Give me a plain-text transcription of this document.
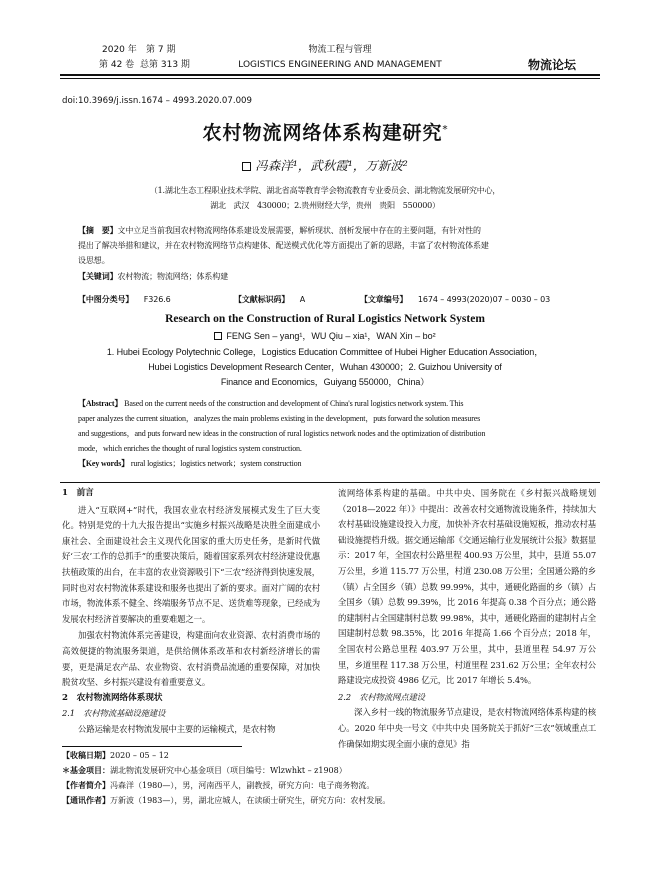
2020 年 第 7 期
第 42 卷 总第 313 期
物流工程与管理
LOGISTICS ENGINEERING AND MANAGEMENT	物流论坛
doi:10.3969/j.issn.1674 – 4993.2020.07.009
农村物流网络体系构建研究*
冯森洋¹，武秋霞¹，万新波²
（1.湖北生态工程职业技术学院、湖北省高等教育学会物流教育专业委员会、湖北物流发展研究中心，
湖北　武汉　430000；2.贵州财经大学，贵州　贵阳　550000）
【摘　要】文中立足当前我国农村物流网络体系建设发展需要，解析现状、剖析发展中存在的主要问题，有针对性的
提出了解决举措和建议，并在农村物流网络节点构建体、配送模式优化等方面提出了新的思路，丰富了农村物流体系建
设思想。
【关键词】农村物流；物流网络；体系构建
【中图分类号】 F326.6	【文献标识码】 A	【文章编号】 1674 – 4993(2020)07 – 0030 – 03
Research on the Construction of Rural Logistics Network System
FENG Sen – yang¹，WU Qiu – xia¹，WAN Xin – bo²
1. Hubei Ecology Polytechnic College，Logistics Education Committee of Hubei Higher Education Association，
Hubei Logistics Development Research Center，Wuhan 430000；2. Guizhou University of
Finance and Economics，Guiyang 550000，China）
【Abstract】 Based on the current needs of the construction and development of China's rural logistics network system. This
paper analyzes the current situation，analyzes the main problems existing in the development，puts forward the solution measures
and suggestions，and puts forward new ideas in the construction of rural logistics network nodes and the optimization of distribution
mode，which enriches the thought of rural logistics system construction.
【Key words】 rural logistics；logistics network；system construction
1　前言
进入“互联网+”时代，我国农业农村经济发展模式发生了巨大变化。特别是党的十九大报告提出“实施乡村振兴战略是决胜全面建成小康社会、全面建设社会主义现代化国家的重大历史任务，是新时代做好‘三农’工作的总抓手”的重要决策后，随着国家系列农村经济建设优惠扶植政策的出台，在丰富的农业资源吸引下“三农”经济得到快速发展，同时也对农村物流体系建设和服务也提出了新的要求。面对广阔的农村市场，物流体系不健全、终端服务节点不足、送货难等现象，已经成为发展农村经济首要解决的重要难题之一。
加强农村物流体系完善建设，构建面向农业资源、农村消费市场的高效便捷的物流服务渠道，是供给侧体系改革和农村新经济增长的需要，更是满足农产品、农业物资、农村消费品流通的重要保障，对加快脱贫攻坚、乡村振兴建设有着重要意义。
2　农村物流网络体系现状
2.1　农村物流基础设施建设
公路运输是农村物流发展中主要的运输模式，是农村物
流网络体系构建的基础。中共中央、国务院在《乡村振兴战略规划（2018—2022 年）》中提出：改善农村交通物流设施条件，持续加大农村基础设施建设投入力度，加快补齐农村基础设施短板，推动农村基础设施提档升级。据交通运输部《交通运输行业发展统计公报》数据显示：2017 年，全国农村公路里程 400.93 万公里，其中，县道 55.07 万公里，乡道 115.77 万公里，村道 230.08 万公里；全国通公路的乡（镇）占全国乡（镇）总数 99.99%，其中，通硬化路面的乡（镇）占全国乡（镇）总数 99.39%，比 2016 年提高 0.38 个百分点；通公路的建制村占全国建制村总数 99.98%，其中，通硬化路面的建制村占全国建制村总数 98.35%，比 2016 年提高 1.66 个百分点；2018 年，全国农村公路总里程 403.97 万公里，其中，县道里程 54.97 万公里，乡道里程 117.38 万公里，村道里程 231.62 万公里；全年农村公路建设完成投资 4986 亿元，比 2017 年增长 5.4%。
2.2　农村物流网点建设
深入乡村一线的物流服务节点建设，是农村物流网络体系构建的核心。2020 年中央一号文《中共中央 国务院关于抓好“三农”领域重点工作确保如期实现全面小康的意见》指
【收稿日期】2020 – 05 – 12
＊基金项目：湖北物流发展研究中心基金项目（项目编号：Wlzwhkt – z1908）
【作者简介】冯森洋（1980—），男，河南西平人，副教授，研究方向：电子商务物流。
【通讯作者】万新波（1983—），男，湖北应城人，在读硕士研究生，研究方向：农村发展。
